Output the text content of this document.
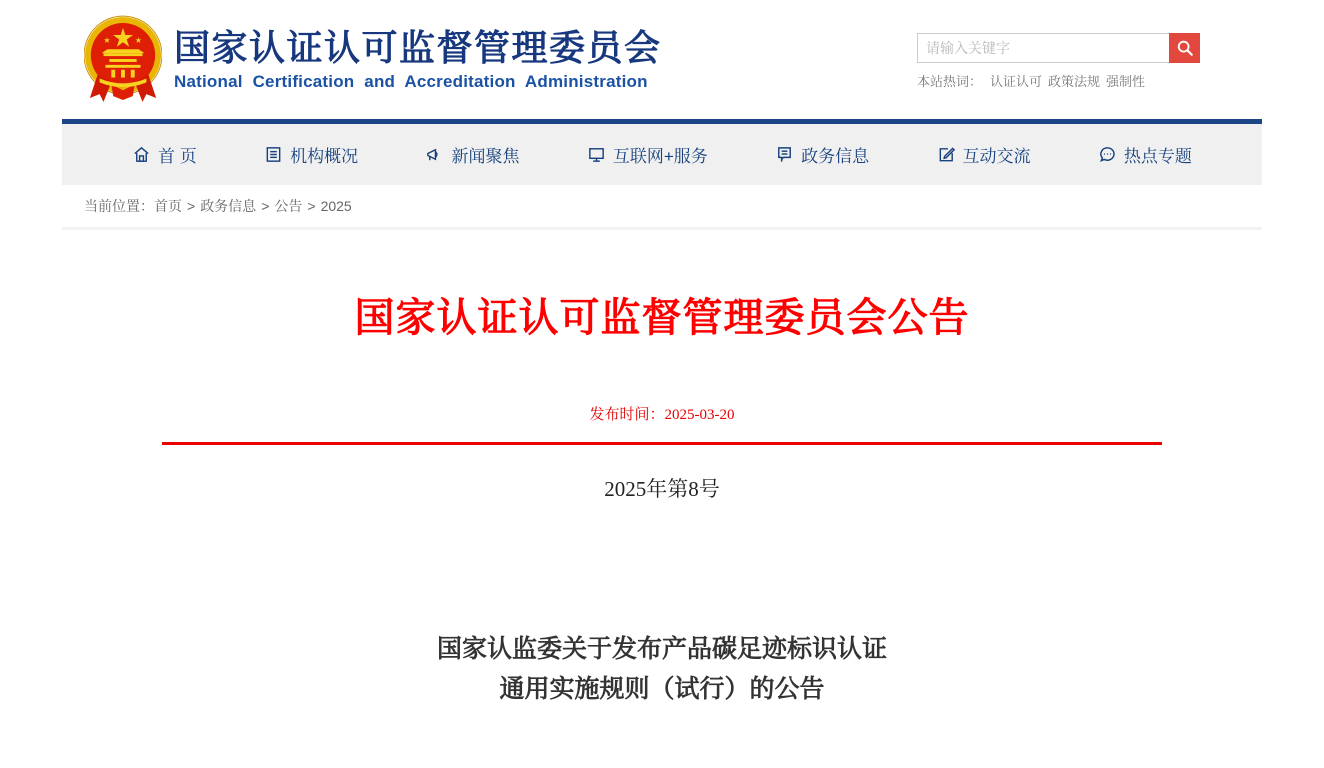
国家认证认可监督管理委员会
National Certification and Accreditation Administration
请输入关键字	本站热词： 认证认可 政策法规 强制性
首 页	机构概况	新闻聚焦	互联网+服务	政务信息	互动交流	热点专题
当前位置： 首页 > 政务信息 > 公告 > 2025
国家认证认可监督管理委员会公告
发布时间：2025-03-20
2025年第8号
国家认监委关于发布产品碳足迹标识认证
通用实施规则（试行）的公告
